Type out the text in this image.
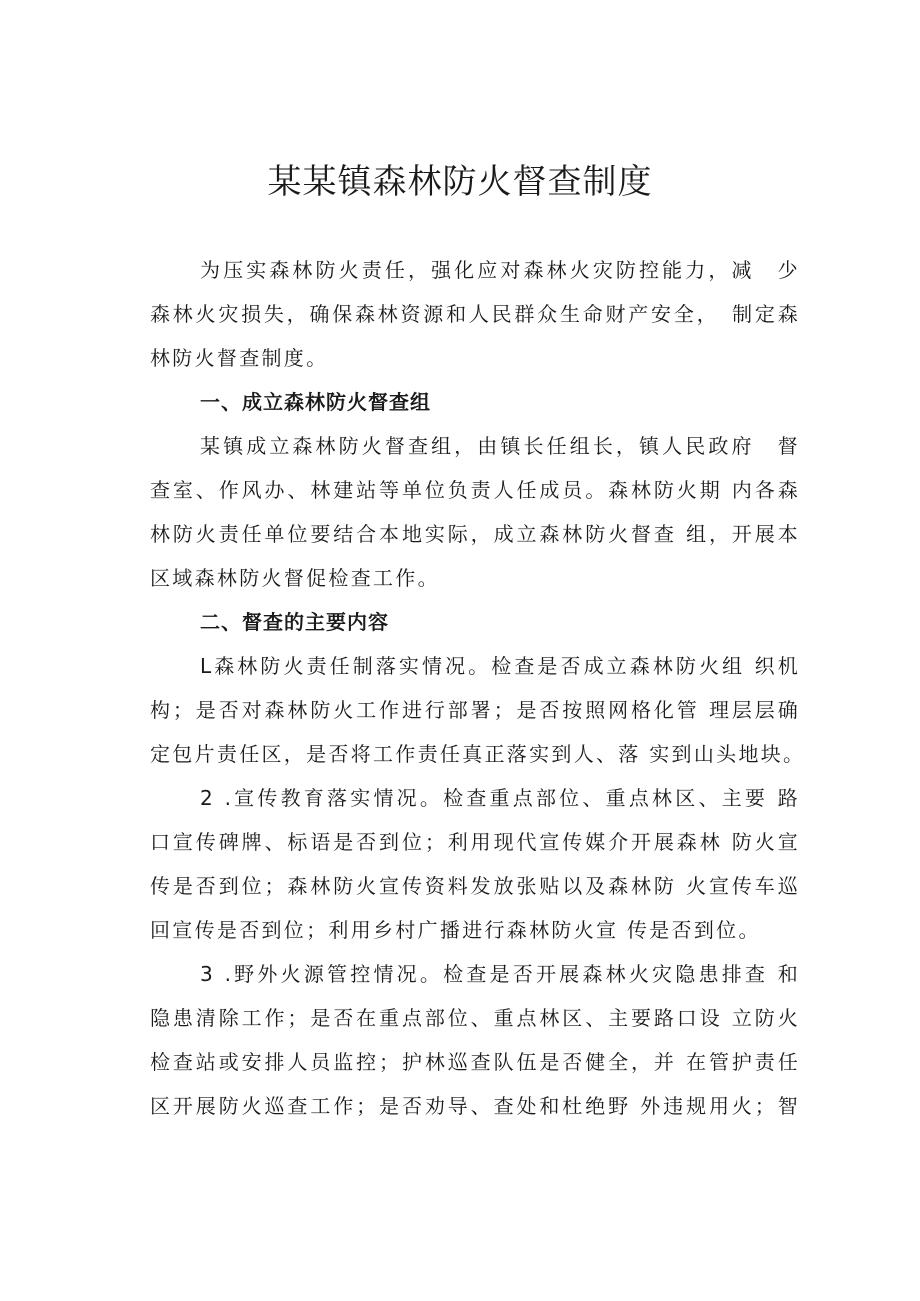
某某镇森林防火督查制度

为压实森林防火责任，强化应对森林火灾防控能力，减　少
森林火灾损失，确保森林资源和人民群众生命财产安全，　制定森
林防火督查制度。

一、成立森林防火督查组

某镇成立森林防火督查组，由镇长任组长，镇人民政府　督
查室、作风办、林建站等单位负责人任成员。森林防火期 内各森
林防火责任单位要结合本地实际，成立森林防火督查 组，开展本
区域森林防火督促检查工作。

二、督查的主要内容

L森林防火责任制落实情况。检查是否成立森林防火组 织机
构；是否对森林防火工作进行部署；是否按照网格化管 理层层确
定包片责任区，是否将工作责任真正落实到人、落 实到山头地块。

2 .宣传教育落实情况。检查重点部位、重点林区、主要 路
口宣传碑牌、标语是否到位；利用现代宣传媒介开展森林 防火宣
传是否到位；森林防火宣传资料发放张贴以及森林防 火宣传车巡
回宣传是否到位；利用乡村广播进行森林防火宣 传是否到位。

3 .野外火源管控情况。检查是否开展森林火灾隐患排查 和
隐患清除工作；是否在重点部位、重点林区、主要路口设 立防火
检查站或安排人员监控；护林巡查队伍是否健全，并 在管护责任
区开展防火巡查工作；是否劝导、查处和杜绝野 外违规用火；智
